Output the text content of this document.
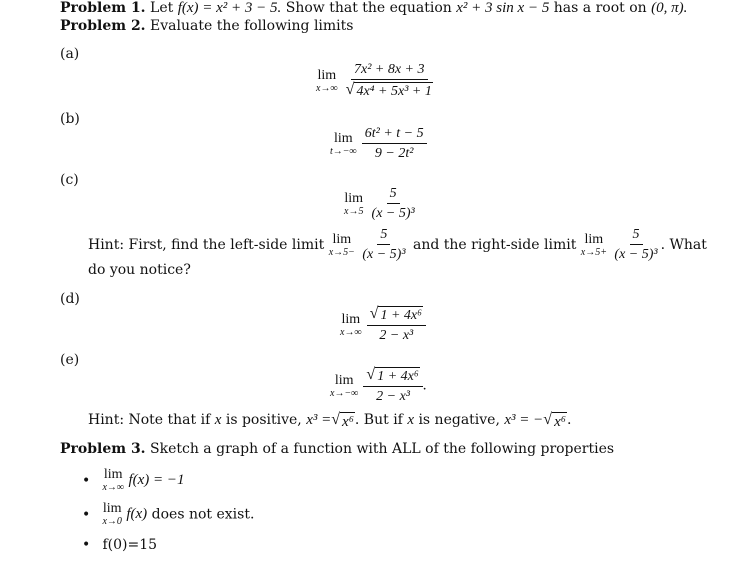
Problem 1. Let f(x) = x² + 3 − 5. Show that the equation x² + 3 sin x − 5 has a root on (0, π).
Problem 2. Evaluate the following limits
(a)
lim
x→∞
$\frac{\text{7x² + 8x + 3}}{\text{√ 4x⁴ + 5x³ + 1}}$
(b)
lim
t→−∞
$\frac{\text{6t² + t − 5}}{\text{9 − 2t²}}$
(c)
lim
x→5
$\frac{5}{\text{(x − 5)³}}$
Hint: First, find the left-side limit lim
x→5−
$\frac{5}{\text{(x − 5)³}}$ and the right-side limit lim
x→5+
$\frac{5}{\text{(x − 5)³}}$ . What
do you notice?
(d)
lim
x→∞
$\frac{\text{√ 1 + 4x⁶}}{\text{2 − x³}}$
(e)
lim
x→−∞
$\frac{\text{√ 1 + 4x⁶}}{\text{2 − x³}}$ .
Hint: Note that if x is positive, x³ = √ x⁶ . But if x is negative, x³ = − √ x⁶ .
Problem 3. Sketch a graph of a function with ALL of the following properties
• lim
x→∞ f(x) = −1
• lim
x→0 f(x) does not exist.
• f(0)=15
